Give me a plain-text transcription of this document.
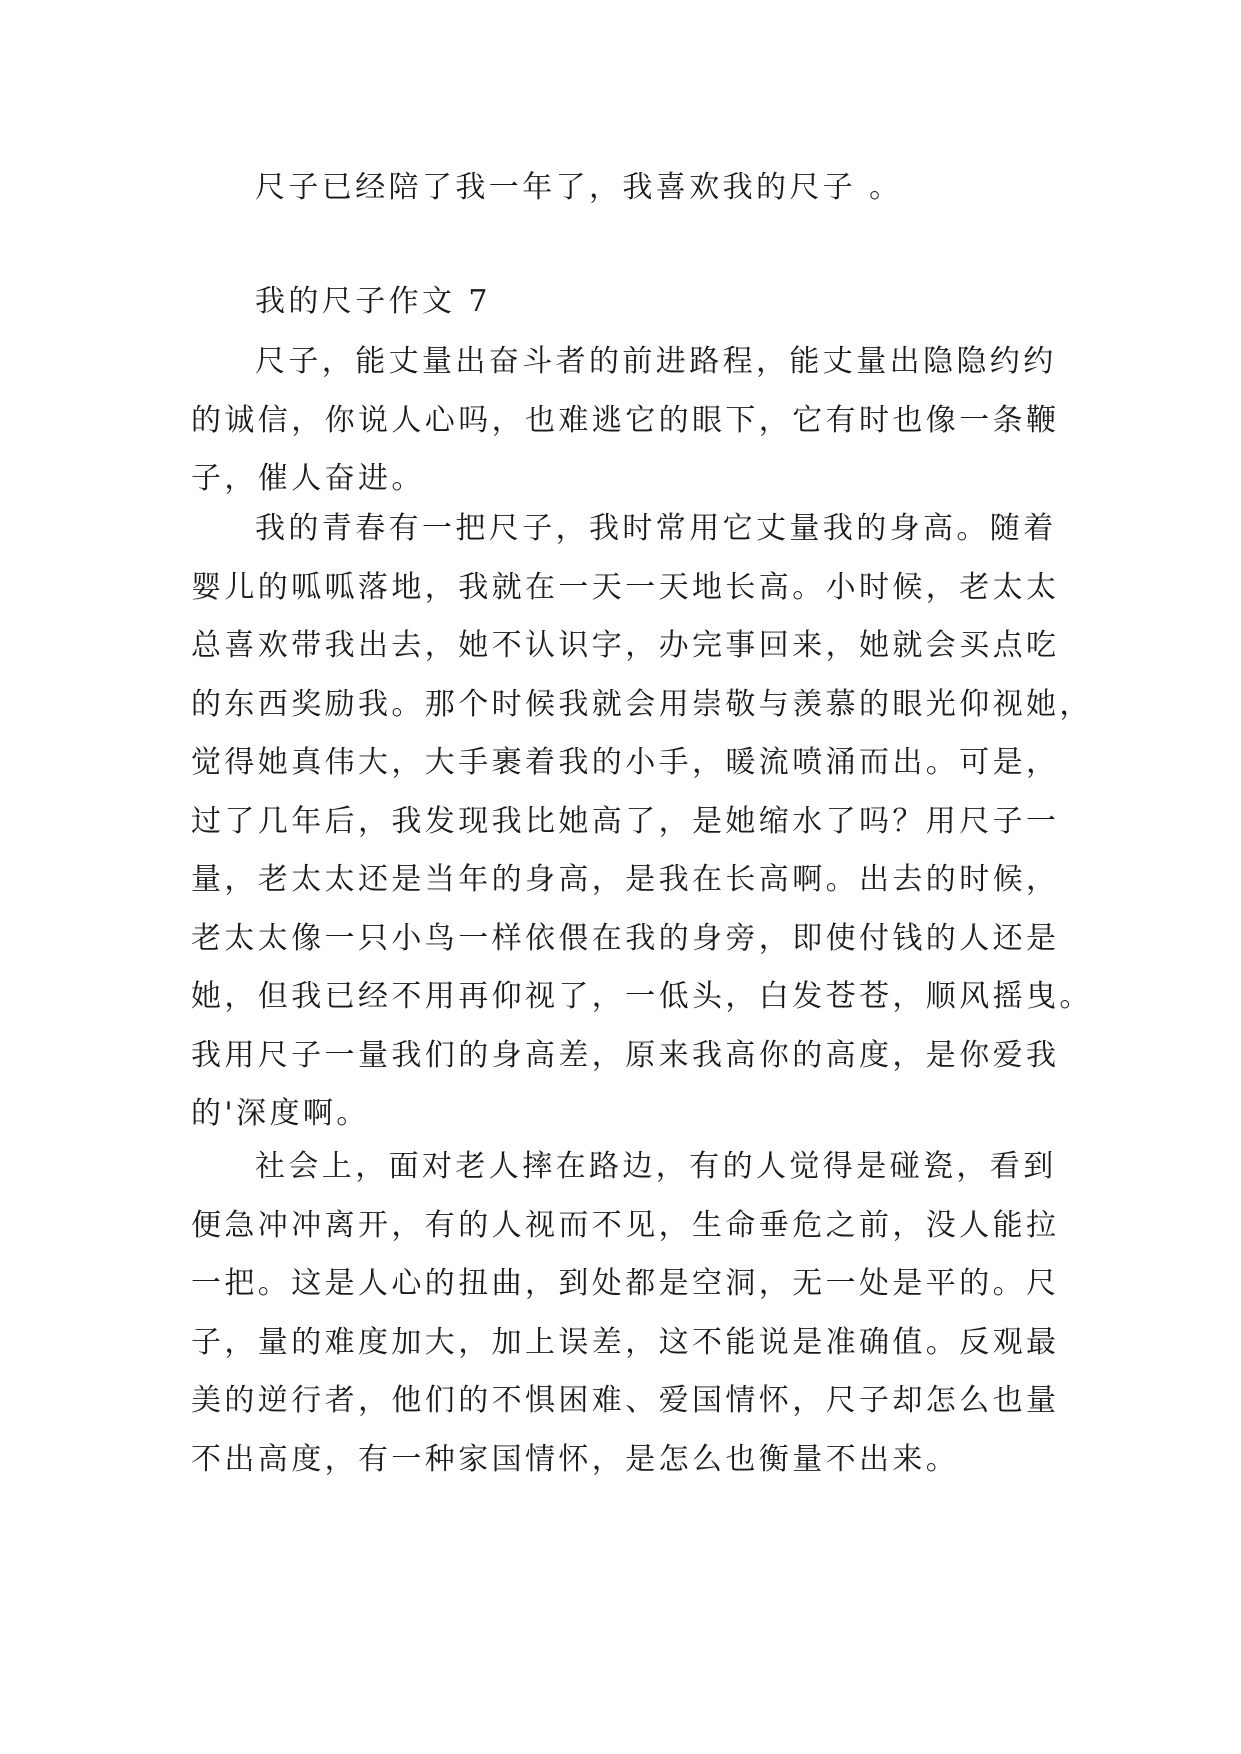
尺子已经陪了我一年了，我喜欢我的尺子 。
我的尺子作文 7
尺子，能丈量出奋斗者的前进路程，能丈量出隐隐约约
的诚信，你说人心吗，也难逃它的眼下，它有时也像一条鞭
子，催人奋进。
我的青春有一把尺子，我时常用它丈量我的身高。随着
婴儿的呱呱落地，我就在一天一天地长高。小时候，老太太
总喜欢带我出去，她不认识字，办完事回来，她就会买点吃
的东西奖励我。那个时候我就会用崇敬与羡慕的眼光仰视她，
觉得她真伟大，大手裹着我的小手，暖流喷涌而出。可是，
过了几年后，我发现我比她高了，是她缩水了吗？用尺子一
量，老太太还是当年的身高，是我在长高啊。出去的时候，
老太太像一只小鸟一样依偎在我的身旁，即使付钱的人还是
她，但我已经不用再仰视了，一低头，白发苍苍，顺风摇曳。
我用尺子一量我们的身高差，原来我高你的高度，是你爱我
的'深度啊。
社会上，面对老人摔在路边，有的人觉得是碰瓷，看到
便急冲冲离开，有的人视而不见，生命垂危之前，没人能拉
一把。这是人心的扭曲，到处都是空洞，无一处是平的。尺
子，量的难度加大，加上误差，这不能说是准确值。反观最
美的逆行者，他们的不惧困难、爱国情怀，尺子却怎么也量
不出高度，有一种家国情怀，是怎么也衡量不出来。
